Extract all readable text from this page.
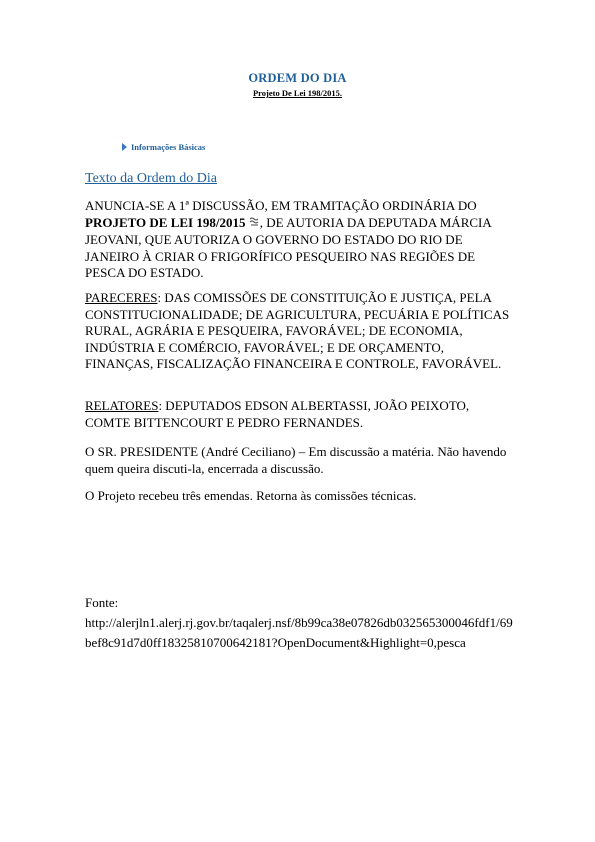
ORDEM DO DIA
Projeto De Lei 198/2015.
Informações Básicas
Texto da Ordem do Dia
ANUNCIA-SE A 1ª DISCUSSÃO, EM TRAMITAÇÃO ORDINÁRIA DO PROJETO DE LEI 198/2015 , DE AUTORIA DA DEPUTADA MÁRCIA JEOVANI, QUE AUTORIZA O GOVERNO DO ESTADO DO RIO DE JANEIRO À CRIAR O FRIGORÍFICO PESQUEIRO NAS REGIÕES DE PESCA DO ESTADO.
PARECERES: DAS COMISSÕES DE CONSTITUIÇÃO E JUSTIÇA, PELA CONSTITUCIONALIDADE; DE AGRICULTURA, PECUÁRIA E POLÍTICAS RURAL, AGRÁRIA E PESQUEIRA, FAVORÁVEL; DE ECONOMIA, INDÚSTRIA E COMÉRCIO, FAVORÁVEL; E DE ORÇAMENTO, FINANÇAS, FISCALIZAÇÃO FINANCEIRA E CONTROLE, FAVORÁVEL.
RELATORES: DEPUTADOS EDSON ALBERTASSI, JOÃO PEIXOTO, COMTE BITTENCOURT E PEDRO FERNANDES.
O SR. PRESIDENTE (André Ceciliano) – Em discussão a matéria. Não havendo quem queira discuti-la, encerrada a discussão.
O Projeto recebeu três emendas. Retorna às comissões técnicas.
Fonte:
http://alerjln1.alerj.rj.gov.br/taqalerj.nsf/8b99ca38e07826db032565300046fdf1/69bef8c91d7d0ff18325810700642181?OpenDocument&Highlight=0,pesca
